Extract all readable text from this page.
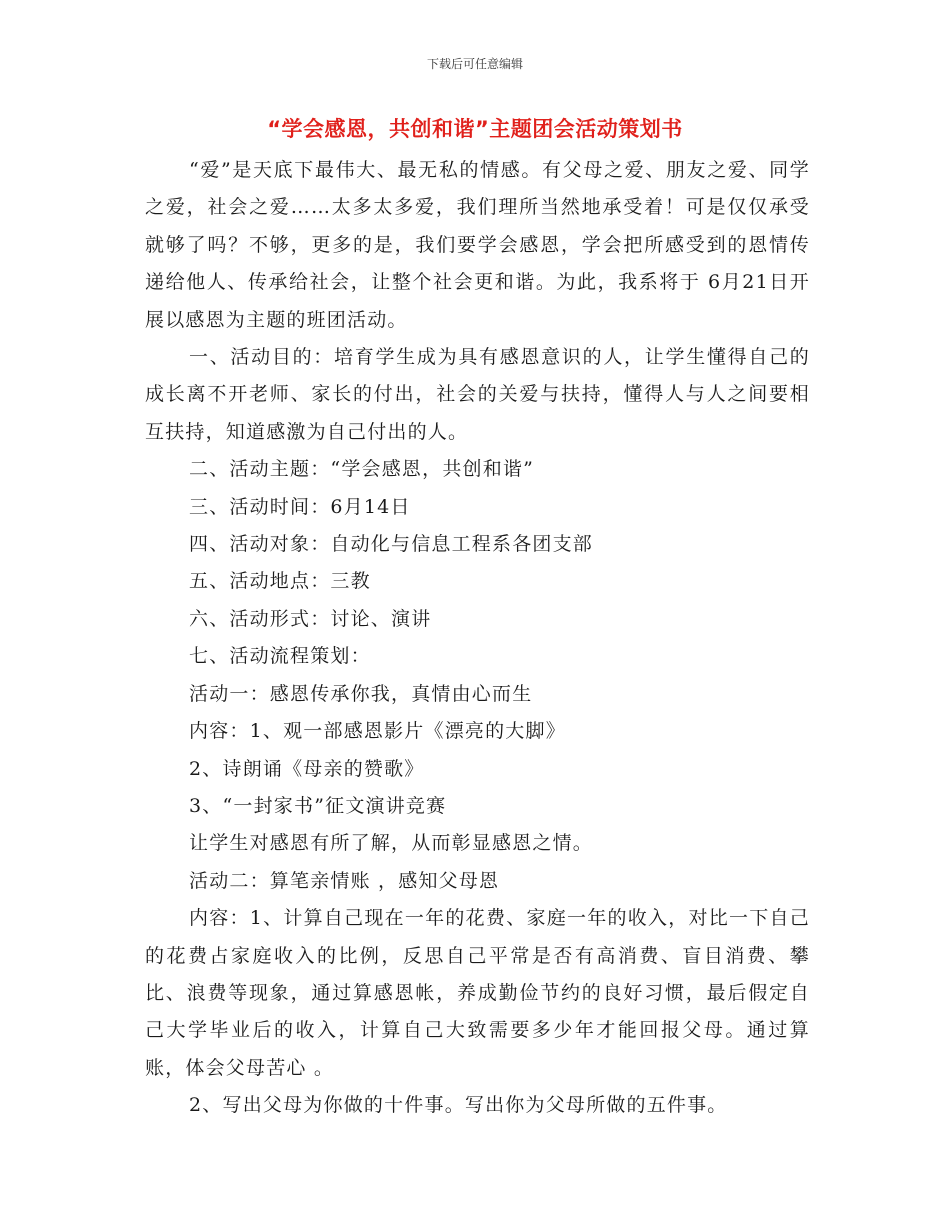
下载后可任意编辑
“学会感恩，共创和谐”主题团会活动策划书

“爱”是天底下最伟大、最无私的情感。有父母之爱、朋友之爱、同学之爱，社会之爱……太多太多爱，我们理所当然地承受着！可是仅仅承受就够了吗？不够，更多的是，我们要学会感恩，学会把所感受到的恩情传递给他人、传承给社会，让整个社会更和谐。为此，我系将于 6月21日开展以感恩为主题的班团活动。

一、活动目的：培育学生成为具有感恩意识的人，让学生懂得自己的成长离不开老师、家长的付出，社会的关爱与扶持，懂得人与人之间要相互扶持，知道感激为自己付出的人。

二、活动主题：“学会感恩，共创和谐”

三、活动时间：6月14日

四、活动对象：自动化与信息工程系各团支部

五、活动地点：三教

六、活动形式：讨论、演讲

七、活动流程策划：

活动一：感恩传承你我，真情由心而生

内容：1、观一部感恩影片《漂亮的大脚》

2、诗朗诵《母亲的赞歌》

3、“一封家书”征文演讲竞赛

让学生对感恩有所了解，从而彰显感恩之情。

活动二：算笔亲情账 ，感知父母恩

内容：1、计算自己现在一年的花费、家庭一年的收入，对比一下自己的花费占家庭收入的比例，反思自己平常是否有高消费、盲目消费、攀比、浪费等现象，通过算感恩帐，养成勤俭节约的良好习惯，最后假定自己大学毕业后的收入，计算自己大致需要多少年才能回报父母。通过算账，体会父母苦心 。

2、写出父母为你做的十件事。写出你为父母所做的五件事。
